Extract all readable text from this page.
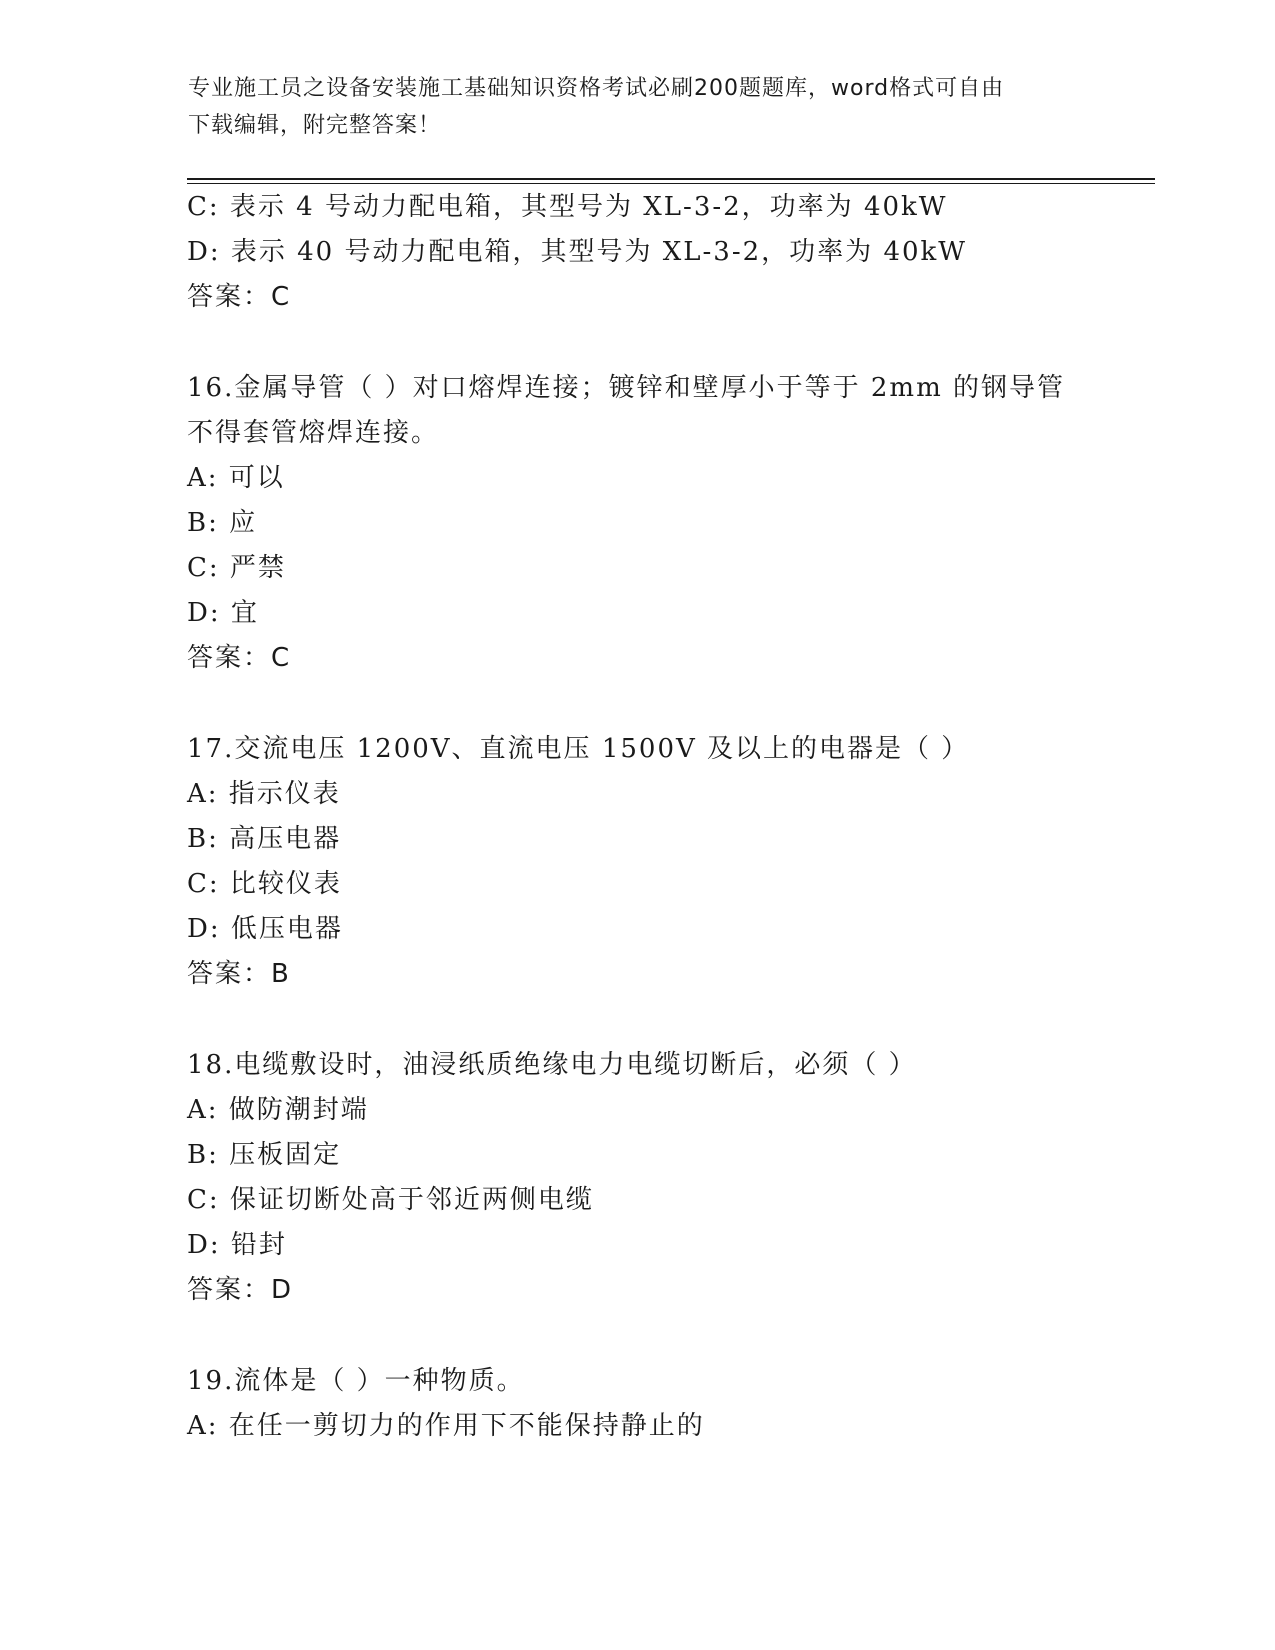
专业施工员之设备安装施工基础知识资格考试必刷200题题库，word格式可自由
下载编辑，附完整答案！
C: 表示 4 号动力配电箱，其型号为 XL-3-2，功率为 40kW
D: 表示 40 号动力配电箱，其型号为 XL-3-2，功率为 40kW
答案：C
16.金属导管（ ）对口熔焊连接；镀锌和壁厚小于等于 2mm 的钢导管
不得套管熔焊连接。
A: 可以
B: 应
C: 严禁
D: 宜
答案：C
17.交流电压 1200V、直流电压 1500V 及以上的电器是（ ）
A: 指示仪表
B: 高压电器
C: 比较仪表
D: 低压电器
答案：B
18.电缆敷设时，油浸纸质绝缘电力电缆切断后，必须（ ）
A: 做防潮封端
B: 压板固定
C: 保证切断处高于邻近两侧电缆
D: 铅封
答案：D
19.流体是（ ）一种物质。
A: 在任一剪切力的作用下不能保持静止的
